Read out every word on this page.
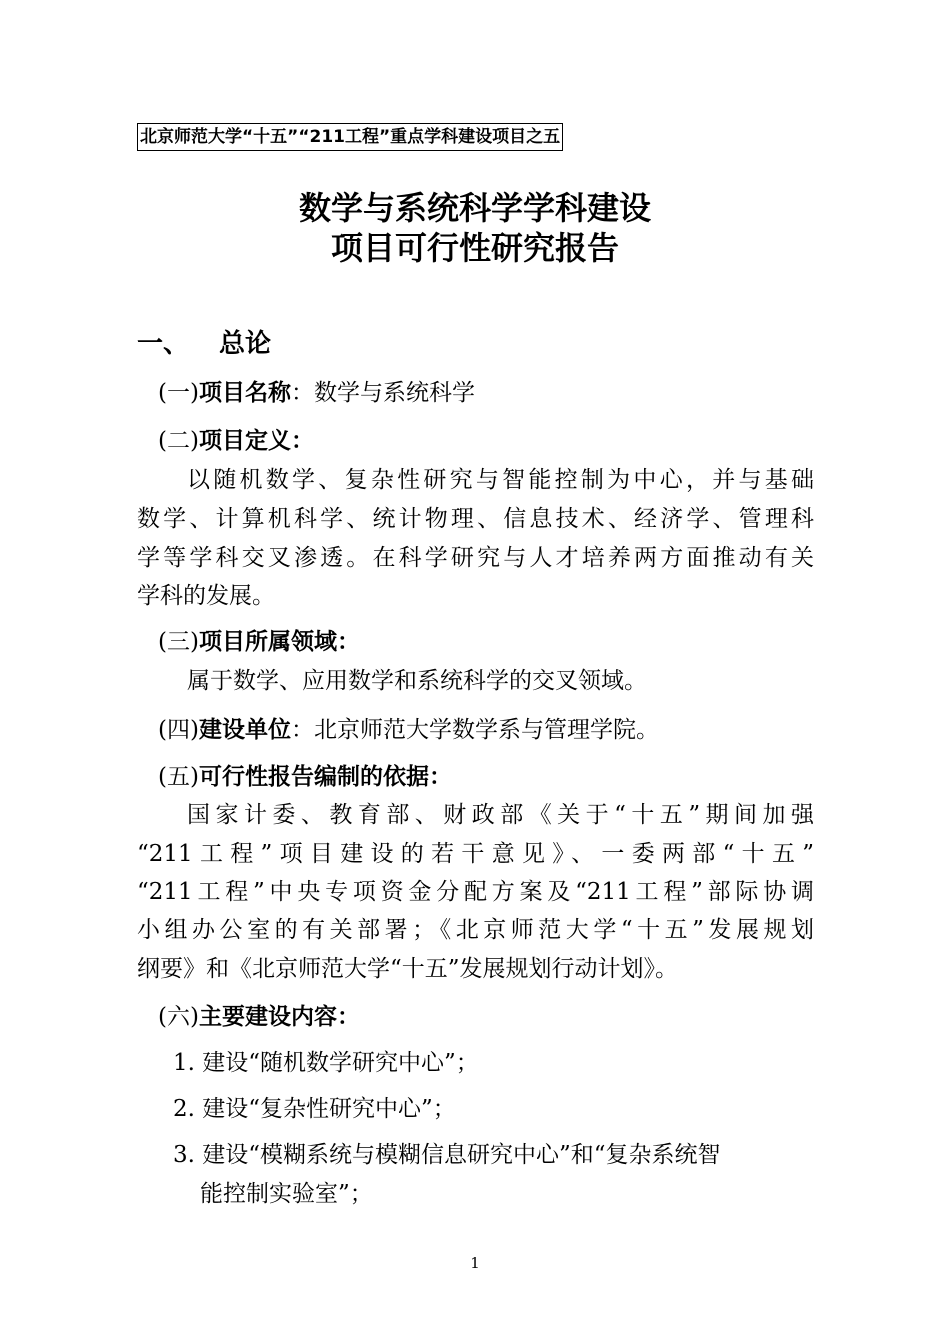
北京师范大学“十五”“211工程”重点学科建设项目之五
数学与系统科学学科建设
项目可行性研究报告
一、 总论
(一)项目名称：数学与系统科学
(二)项目定义：
以随机数学、复杂性研究与智能控制为中心，并与基础
数学、计算机科学、统计物理、信息技术、经济学、管理科
学等学科交叉渗透。在科学研究与人才培养两方面推动有关
学科的发展。
(三)项目所属领域：
属于数学、应用数学和系统科学的交叉领域。
(四)建设单位：北京师范大学数学系与管理学院。
(五)可行性报告编制的依据：
国家计委、教育部、财政部《关于“十五”期间加强
“211工程”项目建设的若干意见》、一委两部“十五”
“211工程”中央专项资金分配方案及“211工程”部际协调
小组办公室的有关部署；《北京师范大学“十五”发展规划
纲要》和《北京师范大学“十五”发展规划行动计划》。
(六)主要建设内容：
1. 建设“随机数学研究中心”；
2. 建设“复杂性研究中心”；
3. 建设“模糊系统与模糊信息研究中心”和“复杂系统智
能控制实验室”；
1
